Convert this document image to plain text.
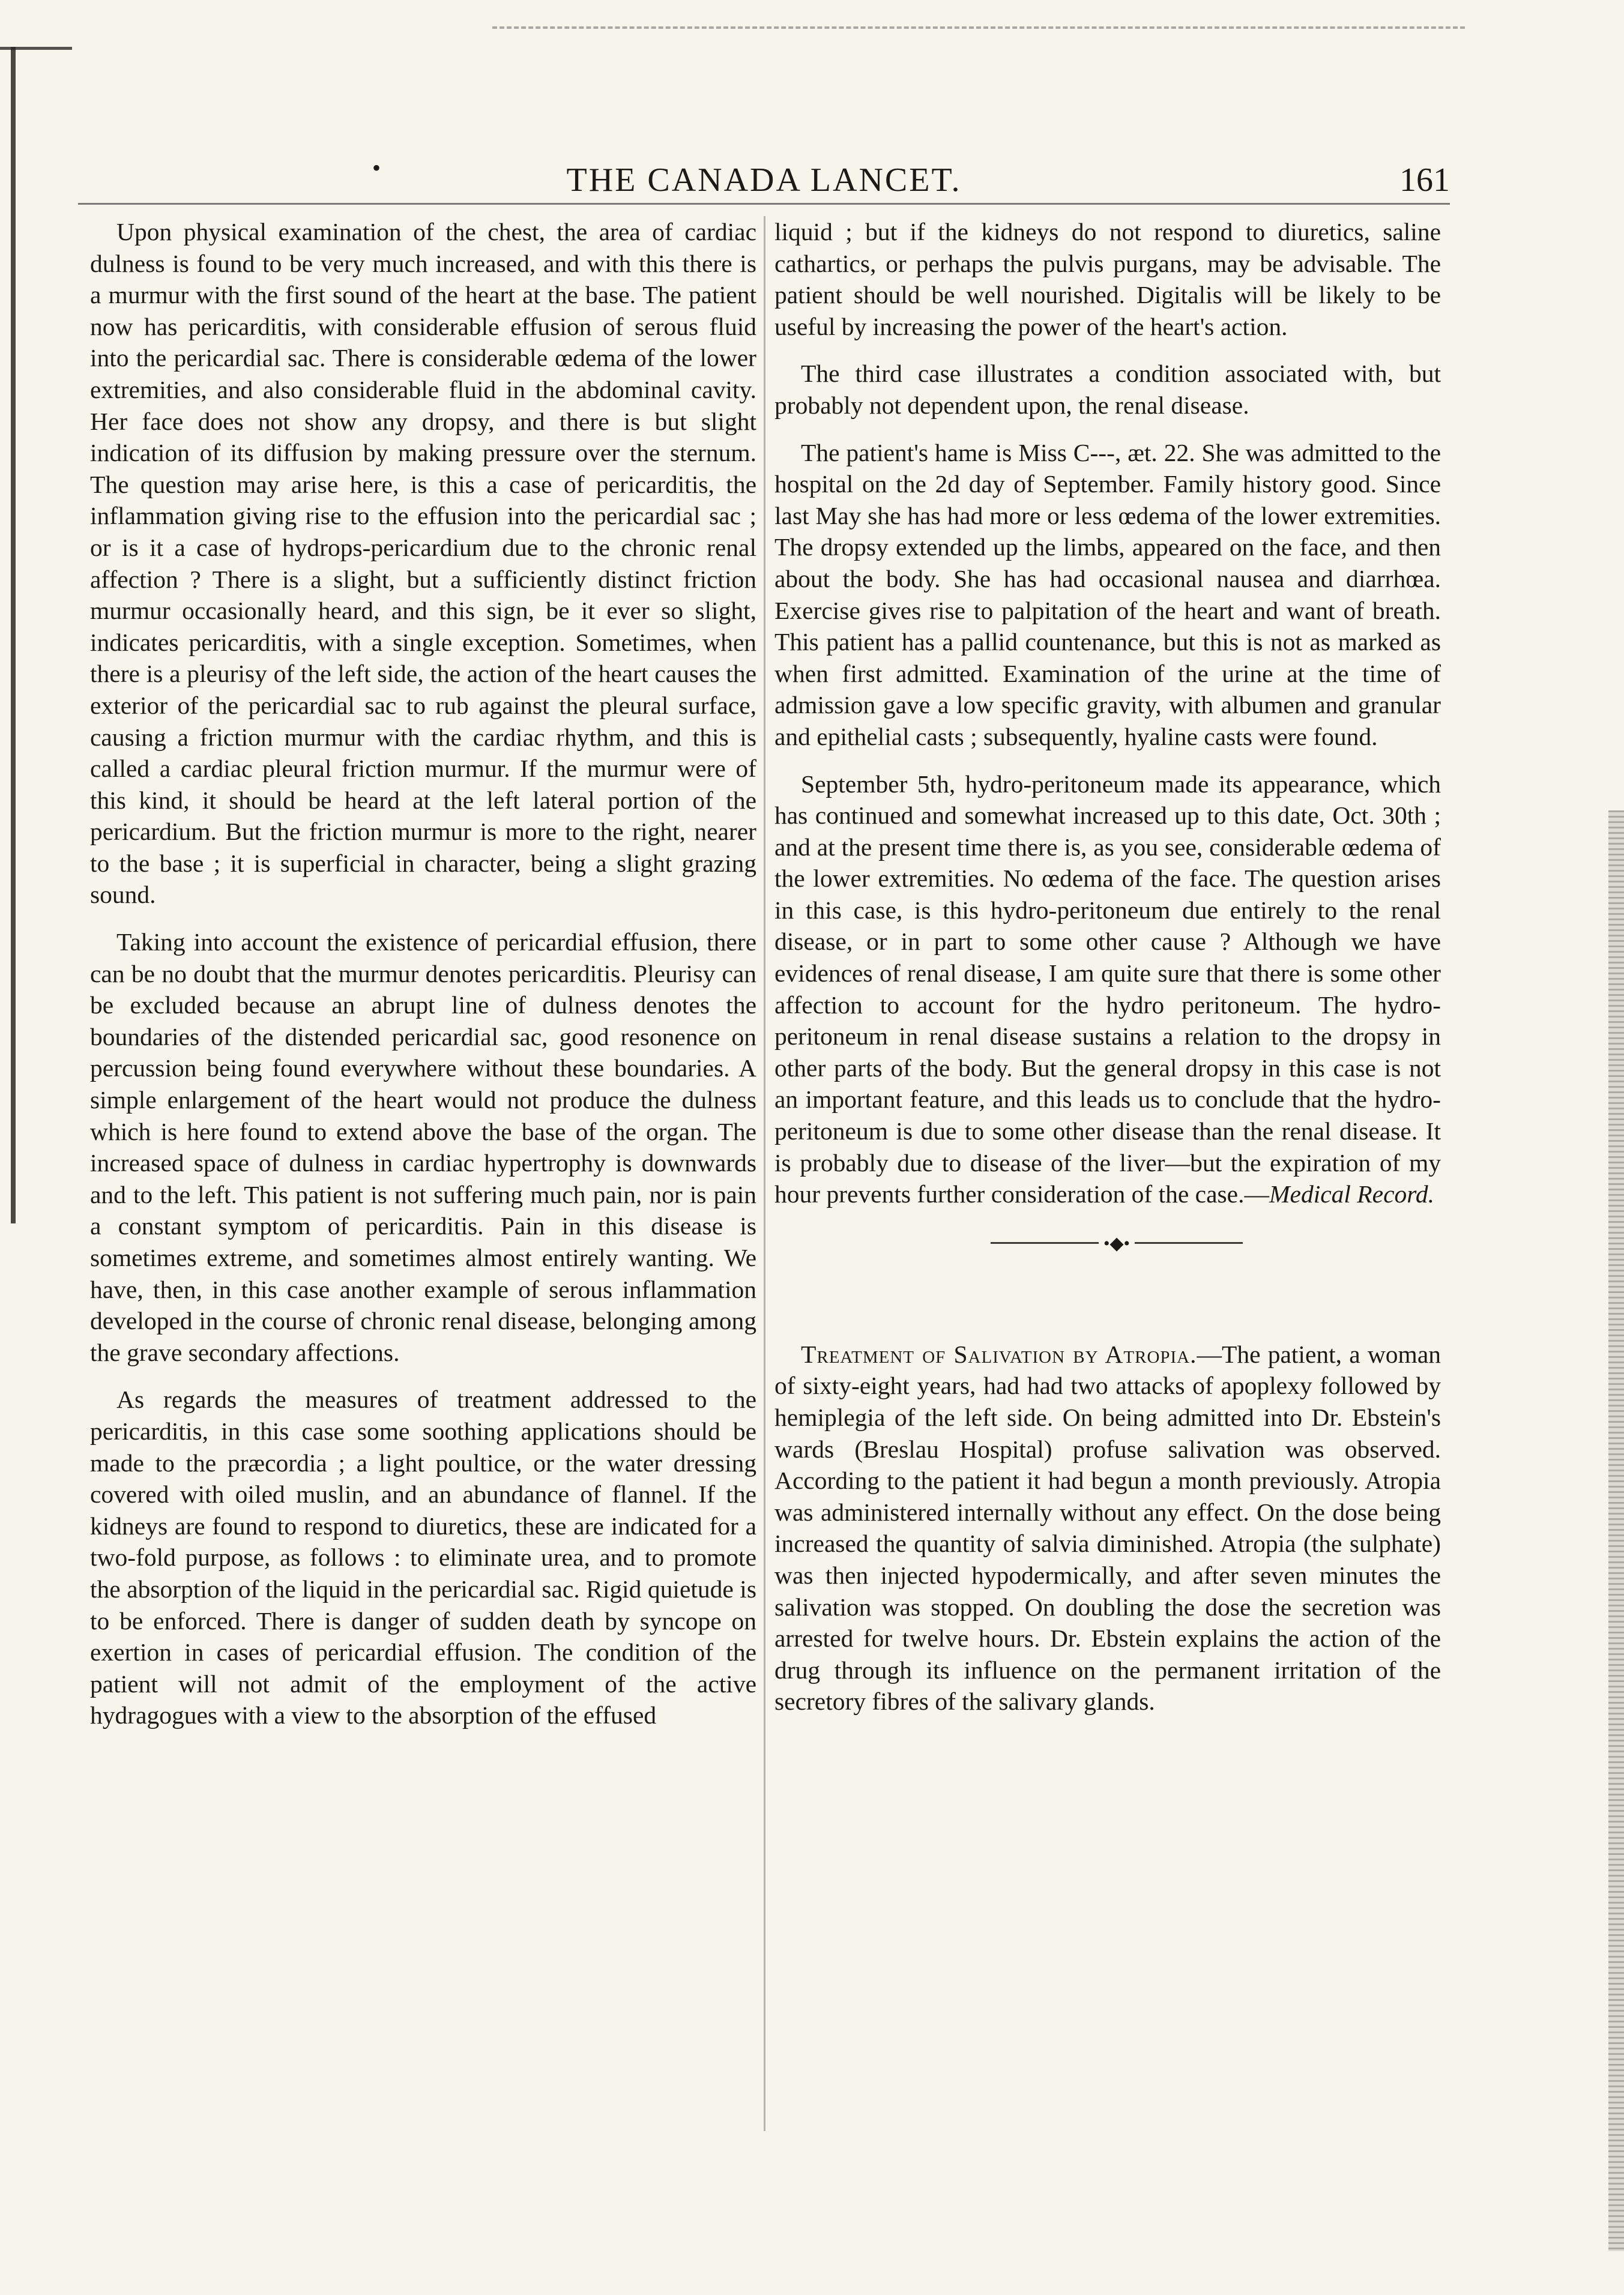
•	THE CANADA LANCET.	161

Upon physical examination of the chest, the area of cardiac dulness is found to be very much increased, and with this there is a murmur with the first sound of the heart at the base. The patient now has pericarditis, with considerable effusion of serous fluid into the pericardial sac. There is considerable œdema of the lower extremities, and also considerable fluid in the abdominal cavity. Her face does not show any dropsy, and there is but slight indication of its diffusion by making pressure over the sternum. The question may arise here, is this a case of pericarditis, the inflammation giving rise to the effusion into the pericardial sac ; or is it a case of hydrops-pericardium due to the chronic renal affection ? There is a slight, but a sufficiently distinct friction murmur occasionally heard, and this sign, be it ever so slight, indicates pericarditis, with a single exception. Sometimes, when there is a pleurisy of the left side, the action of the heart causes the exterior of the pericardial sac to rub against the pleural surface, causing a friction murmur with the cardiac rhythm, and this is called a cardiac pleural friction murmur. If the murmur were of this kind, it should be heard at the left lateral portion of the pericardium. But the friction murmur is more to the right, nearer to the base ; it is superficial in character, being a slight grazing sound.

Taking into account the existence of pericardial effusion, there can be no doubt that the murmur denotes pericarditis. Pleurisy can be excluded because an abrupt line of dulness denotes the boundaries of the distended pericardial sac, good resonence on percussion being found everywhere without these boundaries. A simple enlargement of the heart would not produce the dulness which is here found to extend above the base of the organ. The increased space of dulness in cardiac hypertrophy is downwards and to the left. This patient is not suffering much pain, nor is pain a constant symptom of pericarditis. Pain in this disease is sometimes extreme, and sometimes almost entirely wanting. We have, then, in this case another example of serous inflammation developed in the course of chronic renal disease, belonging among the grave secondary affections.

As regards the measures of treatment addressed to the pericarditis, in this case some soothing applications should be made to the præcordia ; a light poultice, or the water dressing covered with oiled muslin, and an abundance of flannel. If the kidneys are found to respond to diuretics, these are indicated for a two-fold purpose, as follows : to eliminate urea, and to promote the absorption of the liquid in the pericardial sac. Rigid quietude is to be enforced. There is danger of sudden death by syncope on exertion in cases of pericardial effusion. The condition of the patient will not admit of the employment of the active hydragogues with a view to the absorption of the effused

liquid ; but if the kidneys do not respond to diuretics, saline cathartics, or perhaps the pulvis purgans, may be advisable. The patient should be well nourished. Digitalis will be likely to be useful by increasing the power of the heart's action.

The third case illustrates a condition associated with, but probably not dependent upon, the renal disease.

The patient's hame is Miss C---, æt. 22. She was admitted to the hospital on the 2d day of September. Family history good. Since last May she has had more or less œdema of the lower extremities. The dropsy extended up the limbs, appeared on the face, and then about the body. She has had occasional nausea and diarrhœa. Exercise gives rise to palpitation of the heart and want of breath. This patient has a pallid countenance, but this is not as marked as when first admitted. Examination of the urine at the time of admission gave a low specific gravity, with albumen and granular and epithelial casts ; subsequently, hyaline casts were found.

September 5th, hydro-peritoneum made its appearance, which has continued and somewhat increased up to this date, Oct. 30th ; and at the present time there is, as you see, considerable œdema of the lower extremities. No œdema of the face. The question arises in this case, is this hydro-peritoneum due entirely to the renal disease, or in part to some other cause ? Although we have evidences of renal disease, I am quite sure that there is some other affection to account for the hydro peritoneum. The hydro-peritoneum in renal disease sustains a relation to the dropsy in other parts of the body. But the general dropsy in this case is not an important feature, and this leads us to conclude that the hydro-peritoneum is due to some other disease than the renal disease. It is probably due to disease of the liver—but the expiration of my hour prevents further consideration of the case.—Medical Record.

•◆•

Treatment of Salivation by Atropia.—The patient, a woman of sixty-eight years, had had two attacks of apoplexy followed by hemiplegia of the left side. On being admitted into Dr. Ebstein's wards (Breslau Hospital) profuse salivation was observed. According to the patient it had begun a month previously. Atropia was administered internally without any effect. On the dose being increased the quantity of salvia diminished. Atropia (the sulphate) was then injected hypodermically, and after seven minutes the salivation was stopped. On doubling the dose the secretion was arrested for twelve hours. Dr. Ebstein explains the action of the drug through its influence on the permanent irritation of the secretory fibres of the salivary glands.
